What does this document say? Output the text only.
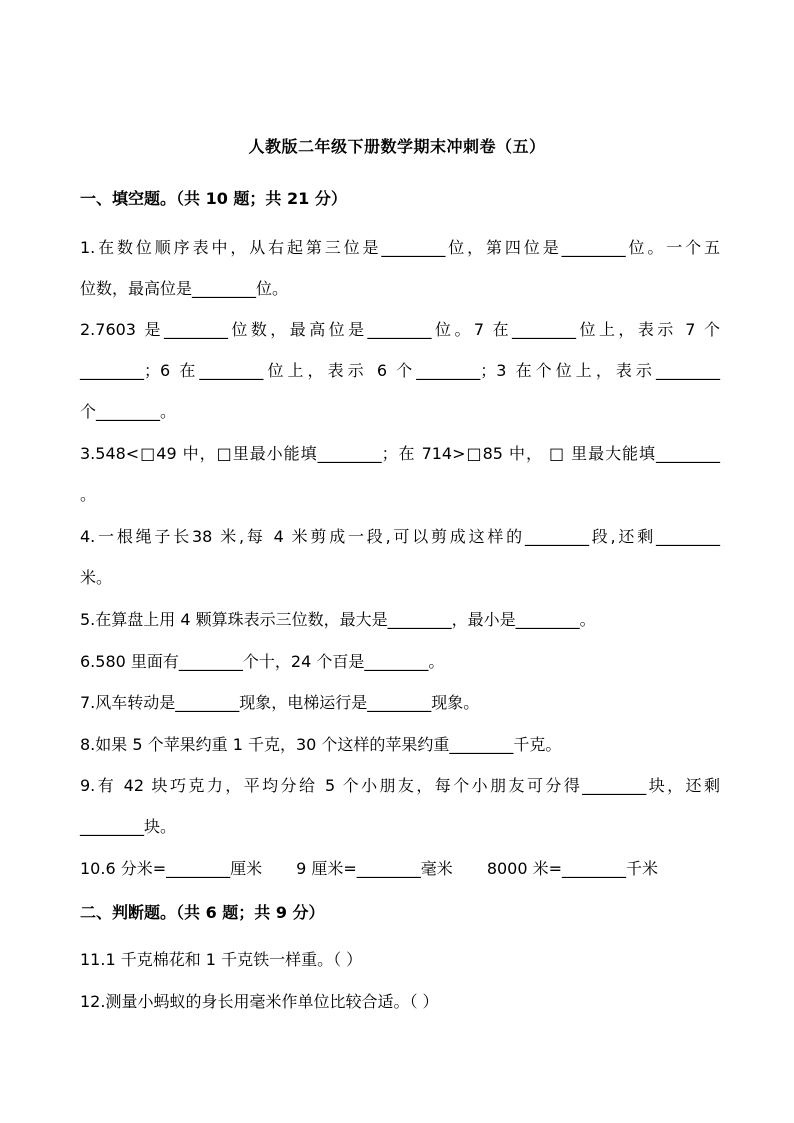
人教版二年级下册数学期末冲刺卷（五）
一、填空题。（共 10 题；共 21 分）
1.在数位顺序表中，从右起第三位是________位，第四位是________位。一个五
位数，最高位是________位。
2.7603 是________位数，最高位是________位。7 在________位上，表示 7 个
________；6 在________位上，表示 6 个________；3 在个位上，表示________
个________。
3.548<□49 中，□里最小能填________；在 714>□85 中， □ 里最大能填________
。
4.一根绳子长38 米,每 4 米剪成一段,可以剪成这样的________段,还剩________
米。
5.在算盘上用 4 颗算珠表示三位数，最大是________，最小是________。
6.580 里面有________个十，24 个百是________。
7.风车转动是________现象，电梯运行是________现象。
8.如果 5 个苹果约重 1 千克，30 个这样的苹果约重________千克。
9.有 42 块巧克力，平均分给 5 个小朋友，每个小朋友可分得________块，还剩
________块。
10.6 分米=________厘米 9 厘米=________毫米 8000 米=________千米
二、判断题。（共 6 题；共 9 分）
11.1 千克棉花和 1 千克铁一样重。（ ）
12.测量小蚂蚁的身长用毫米作单位比较合适。（ ）
